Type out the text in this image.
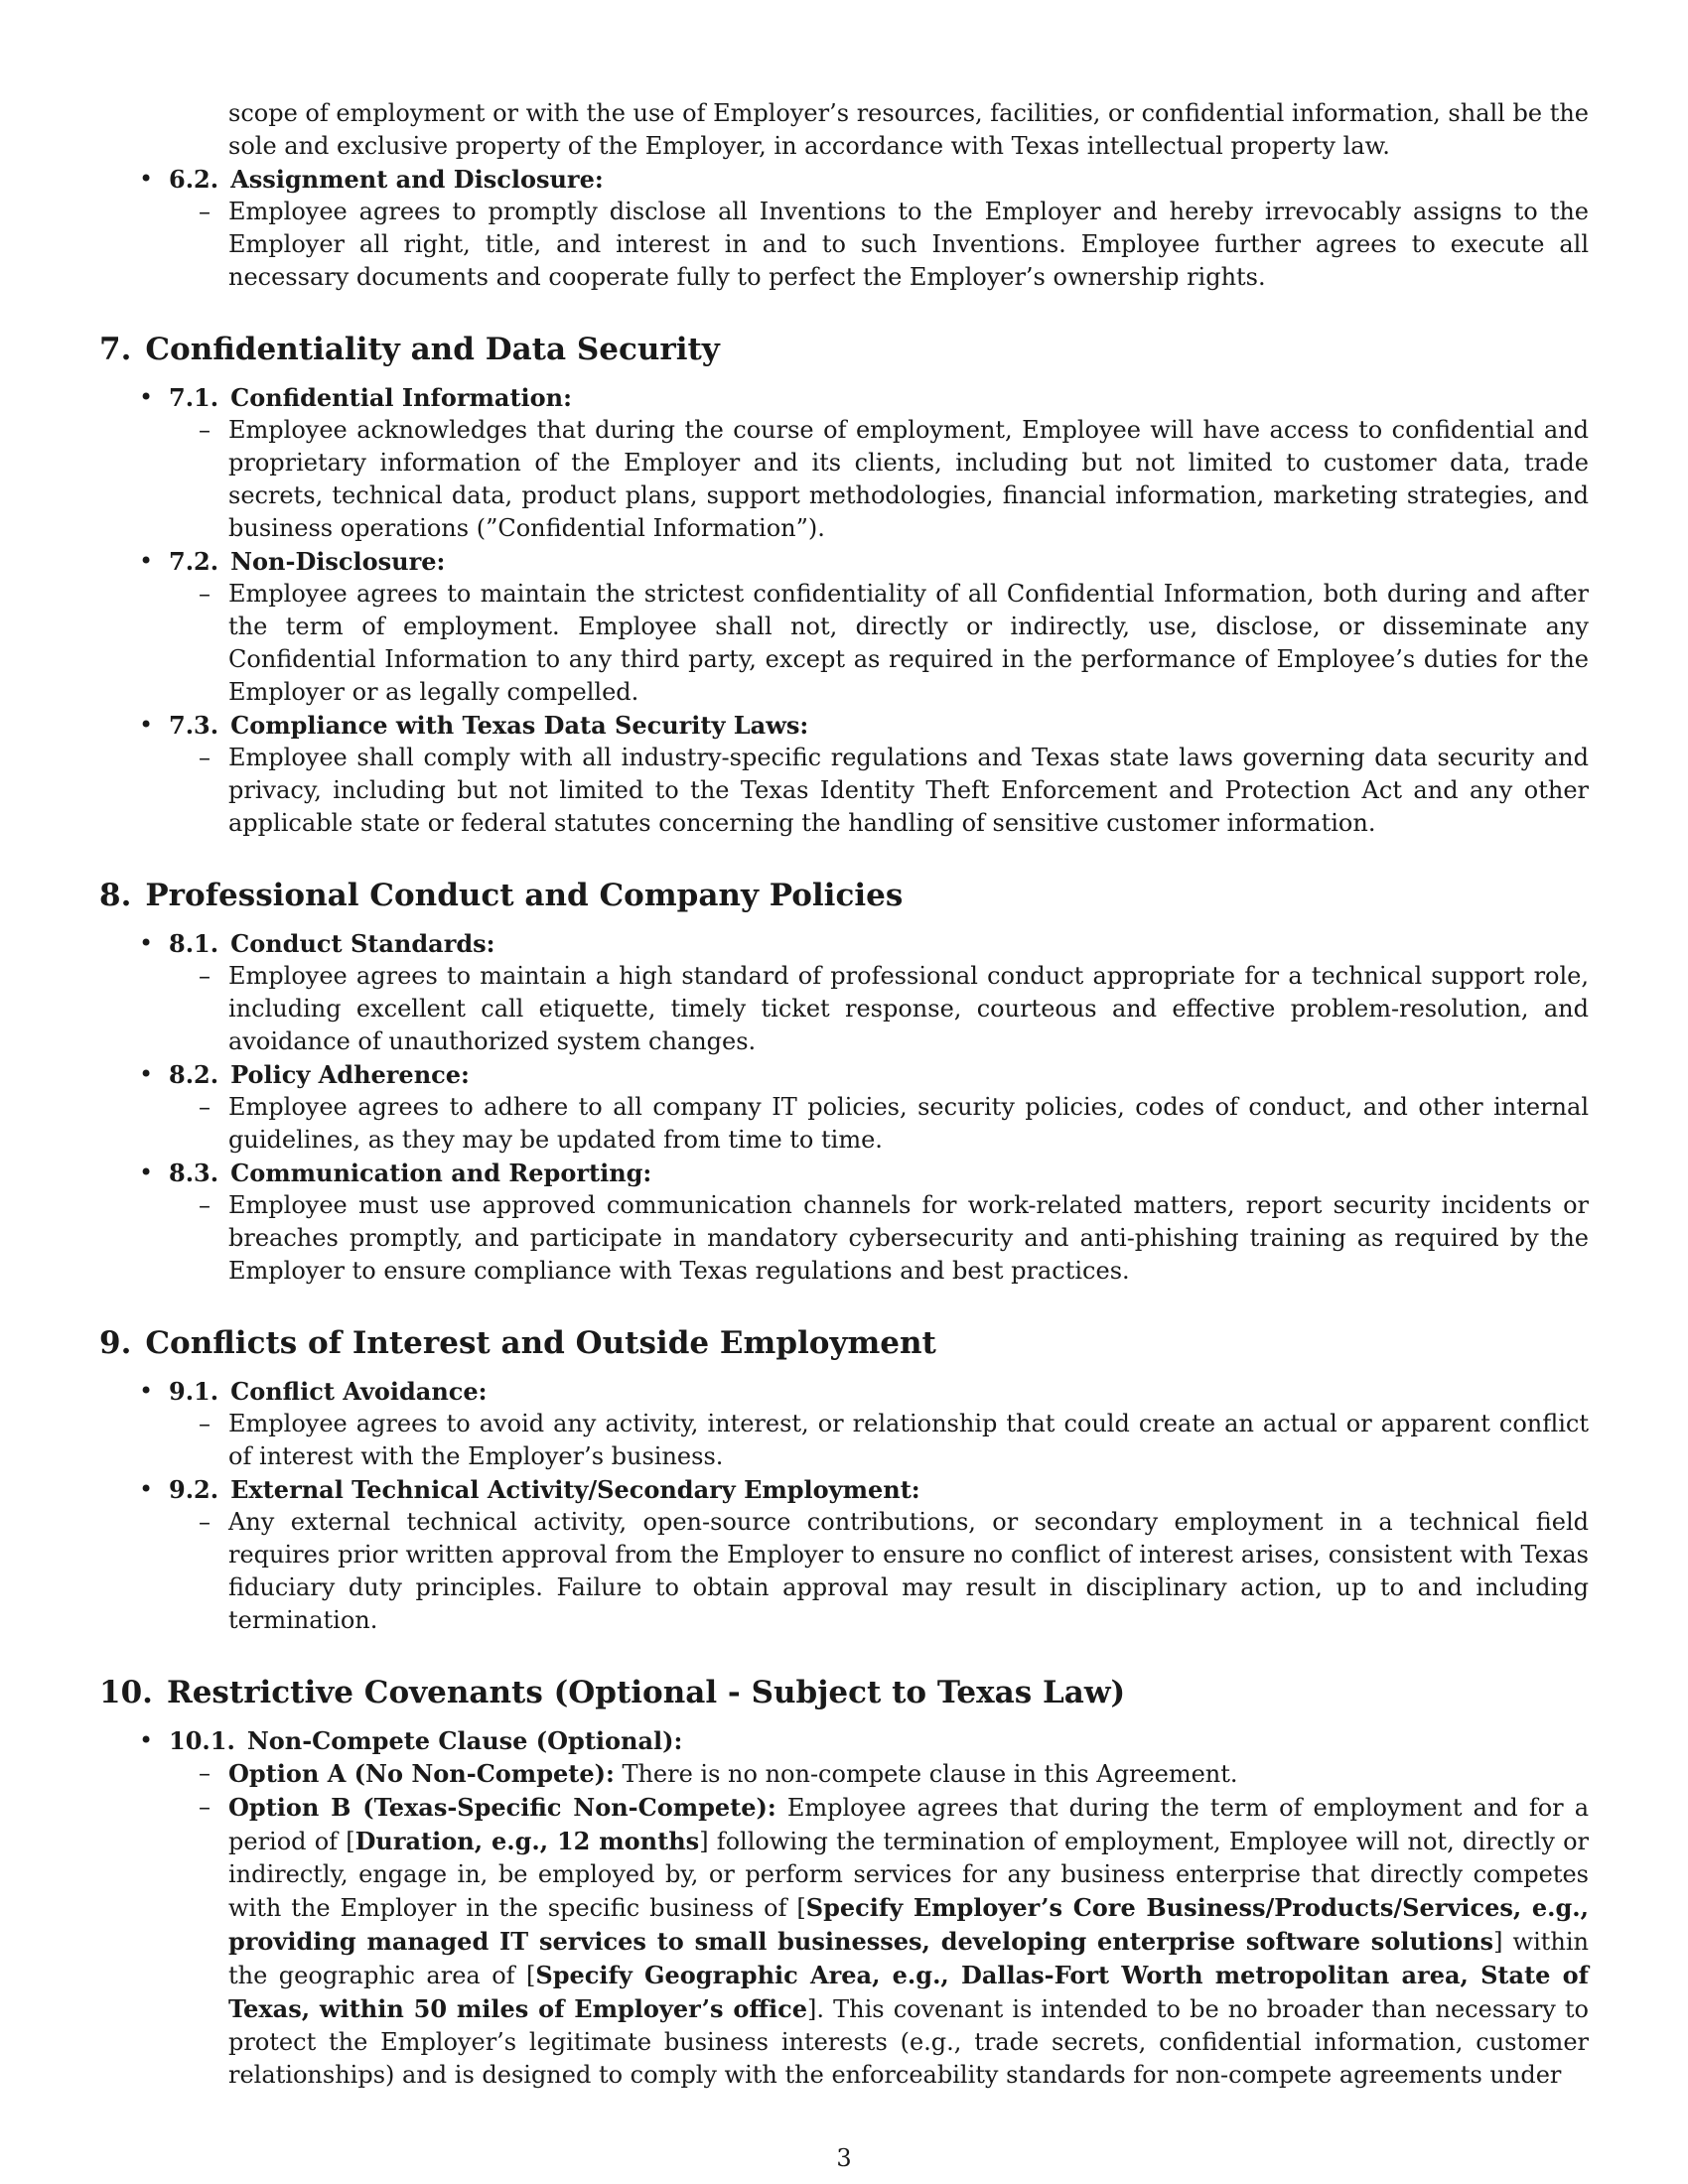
scope of employment or with the use of Employer’s resources, facilities, or confidential information, shall be the sole and exclusive property of the Employer, in accordance with Texas intellectual property law.
• 6.2. Assignment and Disclosure:
– Employee agrees to promptly disclose all Inventions to the Employer and hereby irrevocably assigns to the Employer all right, title, and interest in and to such Inventions. Employee further agrees to execute all necessary documents and cooperate fully to perfect the Employer’s ownership rights.
7. Confidentiality and Data Security
• 7.1. Confidential Information:
– Employee acknowledges that during the course of employment, Employee will have access to confidential and proprietary information of the Employer and its clients, including but not limited to customer data, trade secrets, technical data, product plans, support methodologies, financial information, marketing strategies, and business operations (”Confidential Information”).
• 7.2. Non-Disclosure:
– Employee agrees to maintain the strictest confidentiality of all Confidential Information, both during and after the term of employment. Employee shall not, directly or indirectly, use, disclose, or disseminate any Confidential Information to any third party, except as required in the performance of Employee’s duties for the Employer or as legally compelled.
• 7.3. Compliance with Texas Data Security Laws:
– Employee shall comply with all industry-specific regulations and Texas state laws governing data security and privacy, including but not limited to the Texas Identity Theft Enforcement and Protection Act and any other applicable state or federal statutes concerning the handling of sensitive customer information.
8. Professional Conduct and Company Policies
• 8.1. Conduct Standards:
– Employee agrees to maintain a high standard of professional conduct appropriate for a technical support role, including excellent call etiquette, timely ticket response, courteous and effective problem-resolution, and avoidance of unauthorized system changes.
• 8.2. Policy Adherence:
– Employee agrees to adhere to all company IT policies, security policies, codes of conduct, and other internal guidelines, as they may be updated from time to time.
• 8.3. Communication and Reporting:
– Employee must use approved communication channels for work-related matters, report security incidents or breaches promptly, and participate in mandatory cybersecurity and anti-phishing training as required by the Employer to ensure compliance with Texas regulations and best practices.
9. Conflicts of Interest and Outside Employment
• 9.1. Conflict Avoidance:
– Employee agrees to avoid any activity, interest, or relationship that could create an actual or apparent conflict of interest with the Employer’s business.
• 9.2. External Technical Activity/Secondary Employment:
– Any external technical activity, open-source contributions, or secondary employment in a technical field requires prior written approval from the Employer to ensure no conflict of interest arises, consistent with Texas fiduciary duty principles. Failure to obtain approval may result in disciplinary action, up to and including termination.
10. Restrictive Covenants (Optional - Subject to Texas Law)
• 10.1. Non-Compete Clause (Optional):
– Option A (No Non-Compete): There is no non-compete clause in this Agreement.
– Option B (Texas-Specific Non-Compete): Employee agrees that during the term of employment and for a period of [Duration, e.g., 12 months] following the termination of employment, Employee will not, directly or indirectly, engage in, be employed by, or perform services for any business enterprise that directly competes with the Employer in the specific business of [Specify Employer’s Core Business/Products/Services, e.g., providing managed IT services to small businesses, developing enterprise software solutions] within the geographic area of [Specify Geographic Area, e.g., Dallas-Fort Worth metropolitan area, State of Texas, within 50 miles of Employer’s office]. This covenant is intended to be no broader than necessary to protect the Employer’s legitimate business interests (e.g., trade secrets, confidential information, customer relationships) and is designed to comply with the enforceability standards for non-compete agreements under
3
